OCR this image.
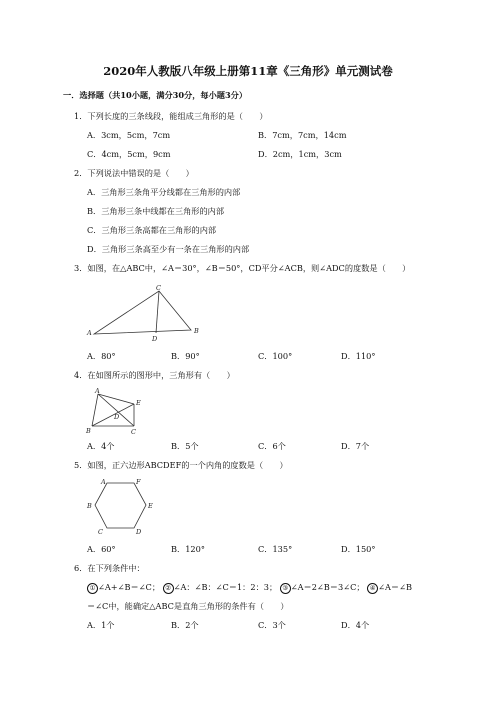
2020年人教版八年级上册第11章《三角形》单元测试卷
一．选择题（共10小题，满分30分，每小题3分）
1．下列长度的三条线段，能组成三角形的是（　　）
A．3cm，5cm，7cm	B．7cm，7cm，14cm
C．4cm，5cm，9cm	D．2cm，1cm，3cm
2．下列说法中错误的是（　　）
A．三角形三条角平分线都在三角形的内部
B．三角形三条中线都在三角形的内部
C．三角形三条高都在三角形的内部
D．三角形三条高至少有一条在三角形的内部
3．如图，在△ABC中，∠A＝30°，∠B＝50°，CD平分∠ACB，则∠ADC的度数是（　　）
A	B
C
D
A．80°	B．90°	C．100°	D．110°
4．在如图所示的图形中，三角形有（　　）
A
B	C
D
E
A．4个	B．5个	C．6个	D．7个
5．如图，正六边形ABCDEF的一个内角的度数是（　　）
A
B
C	D
E
F
A．60°	B．120°	C．135°	D．150°
6．在下列条件中：
① ∠A+∠B＝∠C； ② ∠A：∠B：∠C＝1：2：3； ③ ∠A＝2∠B＝3∠C； ④ ∠A＝∠B
＝∠C中，能确定△ABC是直角三角形的条件有（　　）
A．1个	B．2个	C．3个	D．4个
